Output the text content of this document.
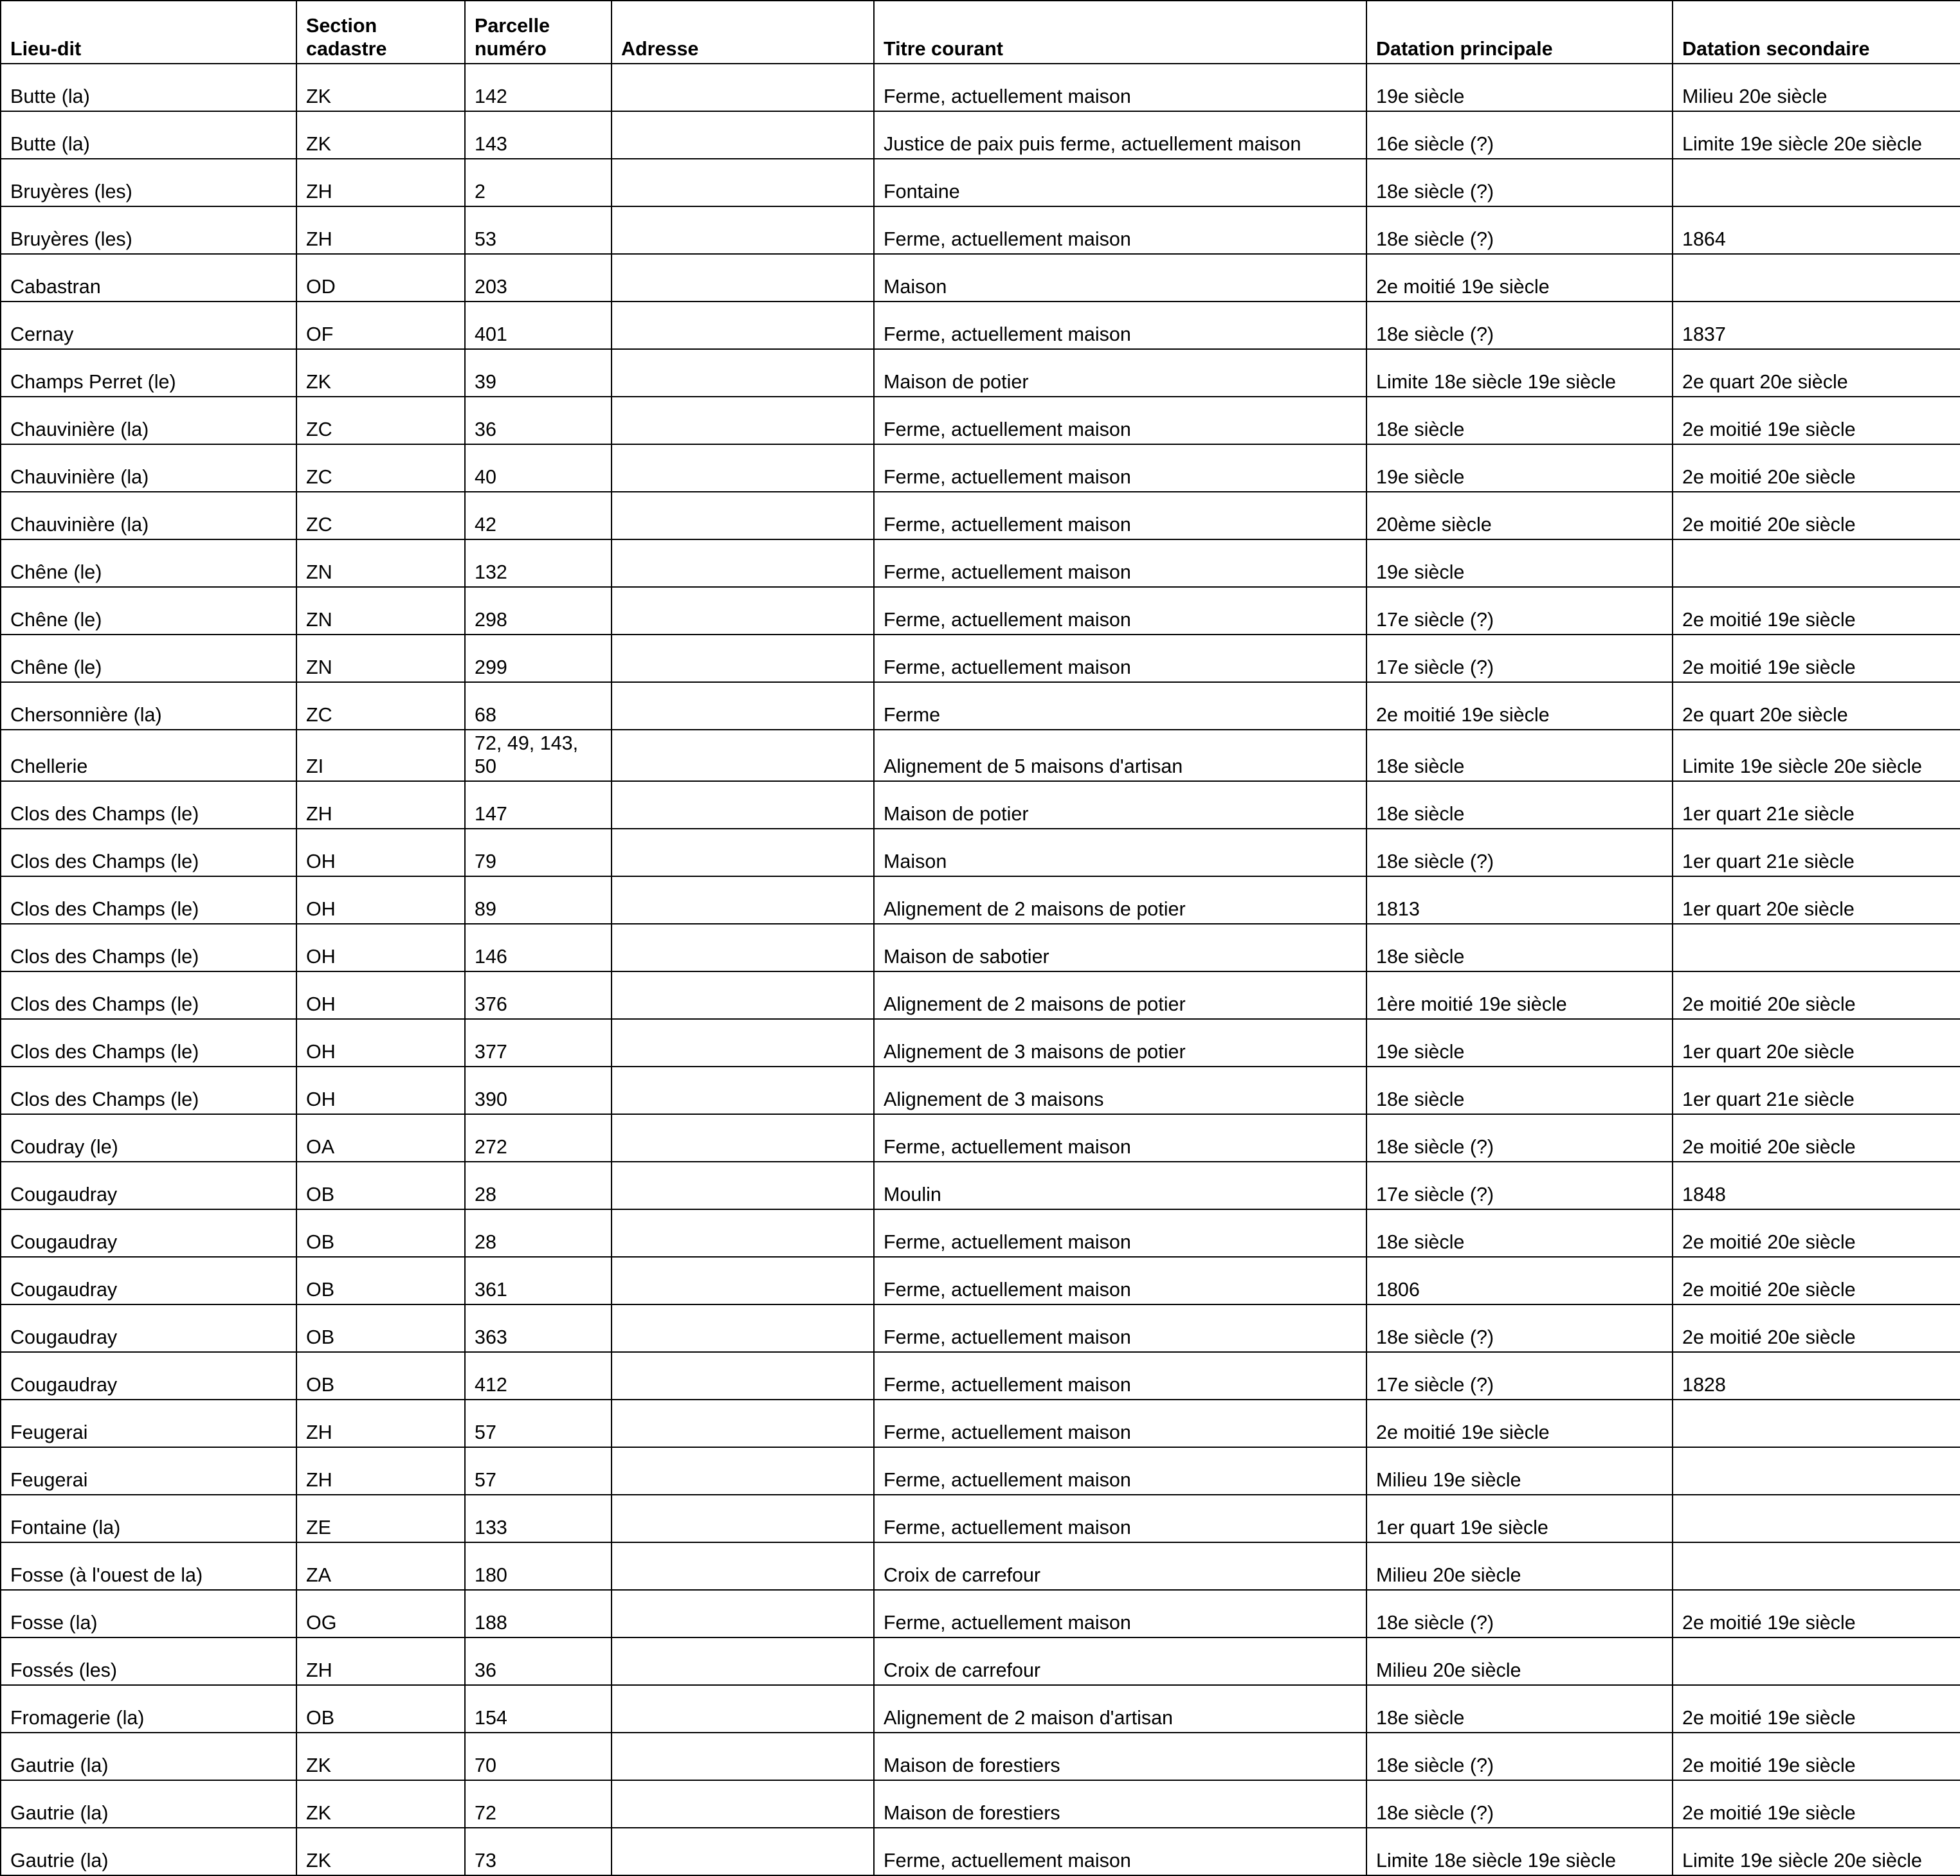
Lieu-dit	Section cadastre	Parcelle numéro	Adresse	Titre courant	Datation principale	Datation secondaire
Butte (la)	ZK	142		Ferme, actuellement maison	19e siècle	Milieu 20e siècle
Butte (la)	ZK	143		Justice de paix puis ferme, actuellement maison	16e siècle (?)	Limite 19e siècle 20e siècle
Bruyères (les)	ZH	2		Fontaine	18e siècle (?)	
Bruyères (les)	ZH	53		Ferme, actuellement maison	18e siècle (?)	1864
Cabastran	OD	203		Maison	2e moitié 19e siècle	
Cernay	OF	401		Ferme, actuellement maison	18e siècle (?)	1837
Champs Perret (le)	ZK	39		Maison de potier	Limite 18e siècle 19e siècle	2e quart 20e siècle
Chauvinière (la)	ZC	36		Ferme, actuellement maison	18e siècle	2e moitié 19e siècle
Chauvinière (la)	ZC	40		Ferme, actuellement maison	19e siècle	2e moitié 20e siècle
Chauvinière (la)	ZC	42		Ferme, actuellement maison	20ème siècle	2e moitié 20e siècle
Chêne (le)	ZN	132		Ferme, actuellement maison	19e siècle	
Chêne (le)	ZN	298		Ferme, actuellement maison	17e siècle (?)	2e moitié 19e siècle
Chêne (le)	ZN	299		Ferme, actuellement maison	17e siècle (?)	2e moitié 19e siècle
Chersonnière (la)	ZC	68		Ferme	2e moitié 19e siècle	2e quart 20e siècle
Chellerie	ZI	72, 49, 143, 50		Alignement de 5 maisons d'artisan	18e siècle	Limite 19e siècle 20e siècle
Clos des Champs (le)	ZH	147		Maison de potier	18e siècle	1er quart 21e siècle
Clos des Champs (le)	OH	79		Maison	18e siècle (?)	1er quart 21e siècle
Clos des Champs (le)	OH	89		Alignement de 2 maisons de potier	1813	1er quart 20e siècle
Clos des Champs (le)	OH	146		Maison de sabotier	18e siècle	
Clos des Champs (le)	OH	376		Alignement de 2 maisons de potier	1ère moitié 19e siècle	2e moitié 20e siècle
Clos des Champs (le)	OH	377		Alignement de 3 maisons de potier	19e siècle	1er quart 20e siècle
Clos des Champs (le)	OH	390		Alignement de 3 maisons	18e siècle	1er quart 21e siècle
Coudray (le)	OA	272		Ferme, actuellement maison	18e siècle (?)	2e moitié 20e siècle
Cougaudray	OB	28		Moulin	17e siècle (?)	1848
Cougaudray	OB	28		Ferme, actuellement maison	18e siècle	2e moitié 20e siècle
Cougaudray	OB	361		Ferme, actuellement maison	1806	2e moitié 20e siècle
Cougaudray	OB	363		Ferme, actuellement maison	18e siècle (?)	2e moitié 20e siècle
Cougaudray	OB	412		Ferme, actuellement maison	17e siècle (?)	1828
Feugerai	ZH	57		Ferme, actuellement maison	2e moitié 19e siècle	
Feugerai	ZH	57		Ferme, actuellement maison	Milieu 19e siècle	
Fontaine (la)	ZE	133		Ferme, actuellement maison	1er quart 19e siècle	
Fosse (à l'ouest de la)	ZA	180		Croix de carrefour	Milieu 20e siècle	
Fosse (la)	OG	188		Ferme, actuellement maison	18e siècle (?)	2e moitié 19e siècle
Fossés (les)	ZH	36		Croix de carrefour	Milieu 20e siècle	
Fromagerie (la)	OB	154		Alignement de 2 maison d'artisan	18e siècle	2e moitié 19e siècle
Gautrie (la)	ZK	70		Maison de forestiers	18e siècle (?)	2e moitié 19e siècle
Gautrie (la)	ZK	72		Maison de forestiers	18e siècle (?)	2e moitié 19e siècle
Gautrie (la)	ZK	73		Ferme, actuellement maison	Limite 18e siècle 19e siècle	Limite 19e siècle 20e siècle
